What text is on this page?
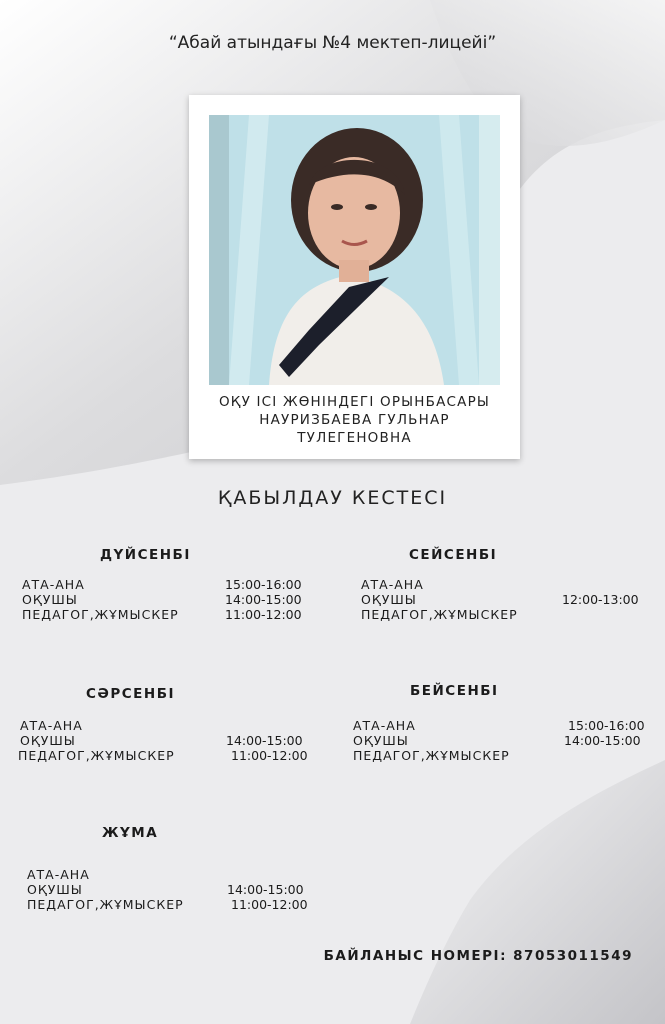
“Абай атындағы №4 мектеп-лицейі”
ОҚУ ІСІ ЖӨНІНДЕГІ ОРЫНБАСАРЫ
НАУРИЗБАЕВА ГУЛЬНАР
ТУЛЕГЕНОВНА
ҚАБЫЛДАУ КЕСТЕСІ
ДҮЙСЕНБІ
АТА-АНА
ОҚУШЫ
ПЕДАГОГ,ЖҰМЫСКЕР
15:00-16:00
14:00-15:00
11:00-12:00
СЕЙСЕНБІ
АТА-АНА
ОҚУШЫ
ПЕДАГОГ,ЖҰМЫСКЕР
12:00-13:00
СӘРСЕНБІ
АТА-АНА
ОҚУШЫ
ПЕДАГОГ,ЖҰМЫСКЕР
14:00-15:00
11:00-12:00
БЕЙСЕНБІ
АТА-АНА
ОҚУШЫ
ПЕДАГОГ,ЖҰМЫСКЕР
15:00-16:00
14:00-15:00
ЖҰМА
АТА-АНА
ОҚУШЫ
ПЕДАГОГ,ЖҰМЫСКЕР
14:00-15:00
11:00-12:00
БАЙЛАНЫС НОМЕРІ: 87053011549
